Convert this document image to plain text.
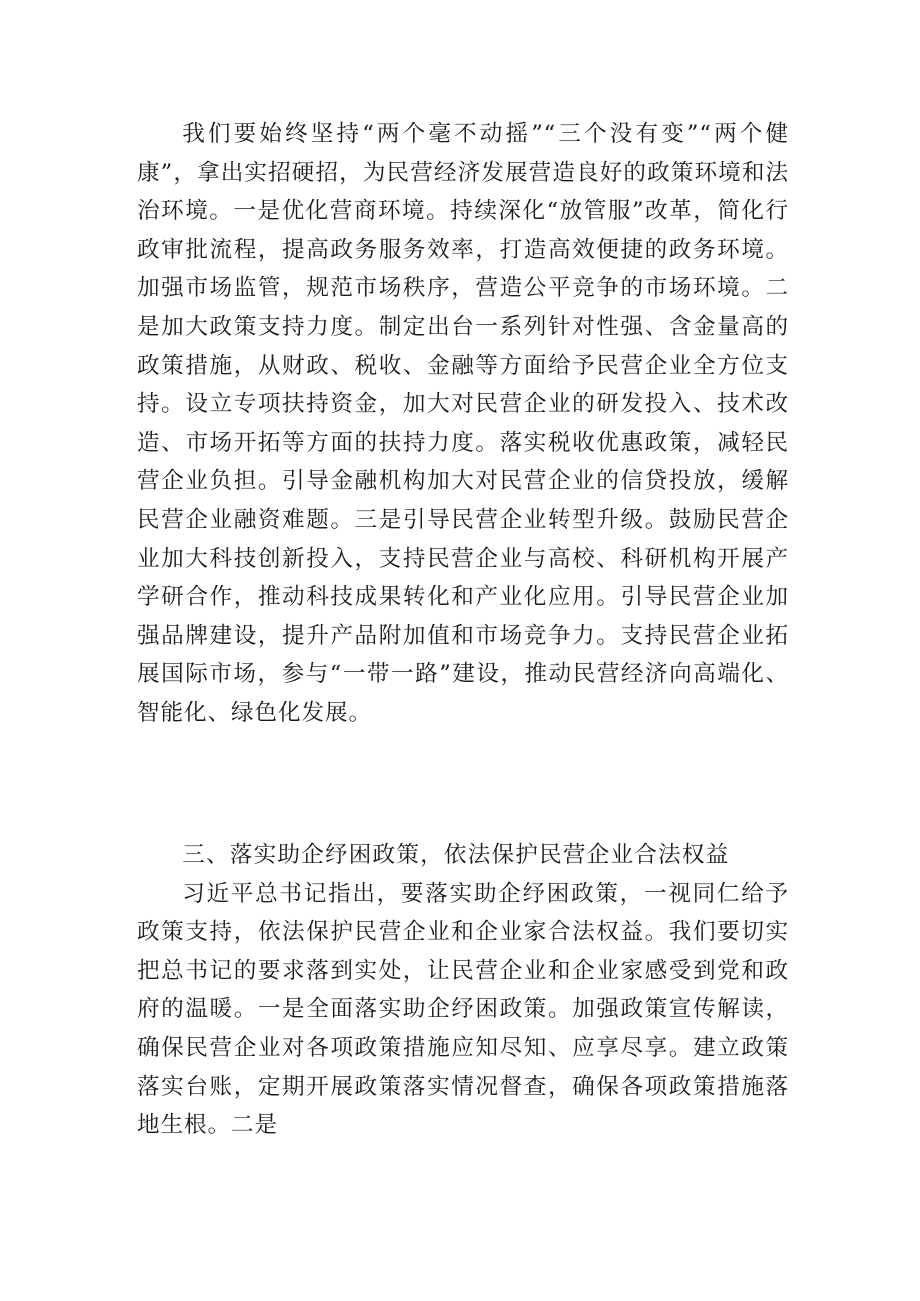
我们要始终坚持“两个毫不动摇”“三个没有变”“两个健康”，拿出实招硬招，为民营经济发展营造良好的政策环境和法治环境。一是优化营商环境。持续深化“放管服”改革，简化行政审批流程，提高政务服务效率，打造高效便捷的政务环境。加强市场监管，规范市场秩序，营造公平竞争的市场环境。二是加大政策支持力度。制定出台一系列针对性强、含金量高的政策措施，从财政、税收、金融等方面给予民营企业全方位支持。设立专项扶持资金，加大对民营企业的研发投入、技术改造、市场开拓等方面的扶持力度。落实税收优惠政策，减轻民营企业负担。引导金融机构加大对民营企业的信贷投放，缓解民营企业融资难题。三是引导民营企业转型升级。鼓励民营企业加大科技创新投入，支持民营企业与高校、科研机构开展产学研合作，推动科技成果转化和产业化应用。引导民营企业加强品牌建设，提升产品附加值和市场竞争力。支持民营企业拓展国际市场，参与“一带一路”建设，推动民营经济向高端化、智能化、绿色化发展。

三、落实助企纾困政策，依法保护民营企业合法权益

习近平总书记指出，要落实助企纾困政策，一视同仁给予政策支持，依法保护民营企业和企业家合法权益。我们要切实把总书记的要求落到实处，让民营企业和企业家感受到党和政府的温暖。一是全面落实助企纾困政策。加强政策宣传解读，确保民营企业对各项政策措施应知尽知、应享尽享。建立政策落实台账，定期开展政策落实情况督查，确保各项政策措施落地生根。二是
